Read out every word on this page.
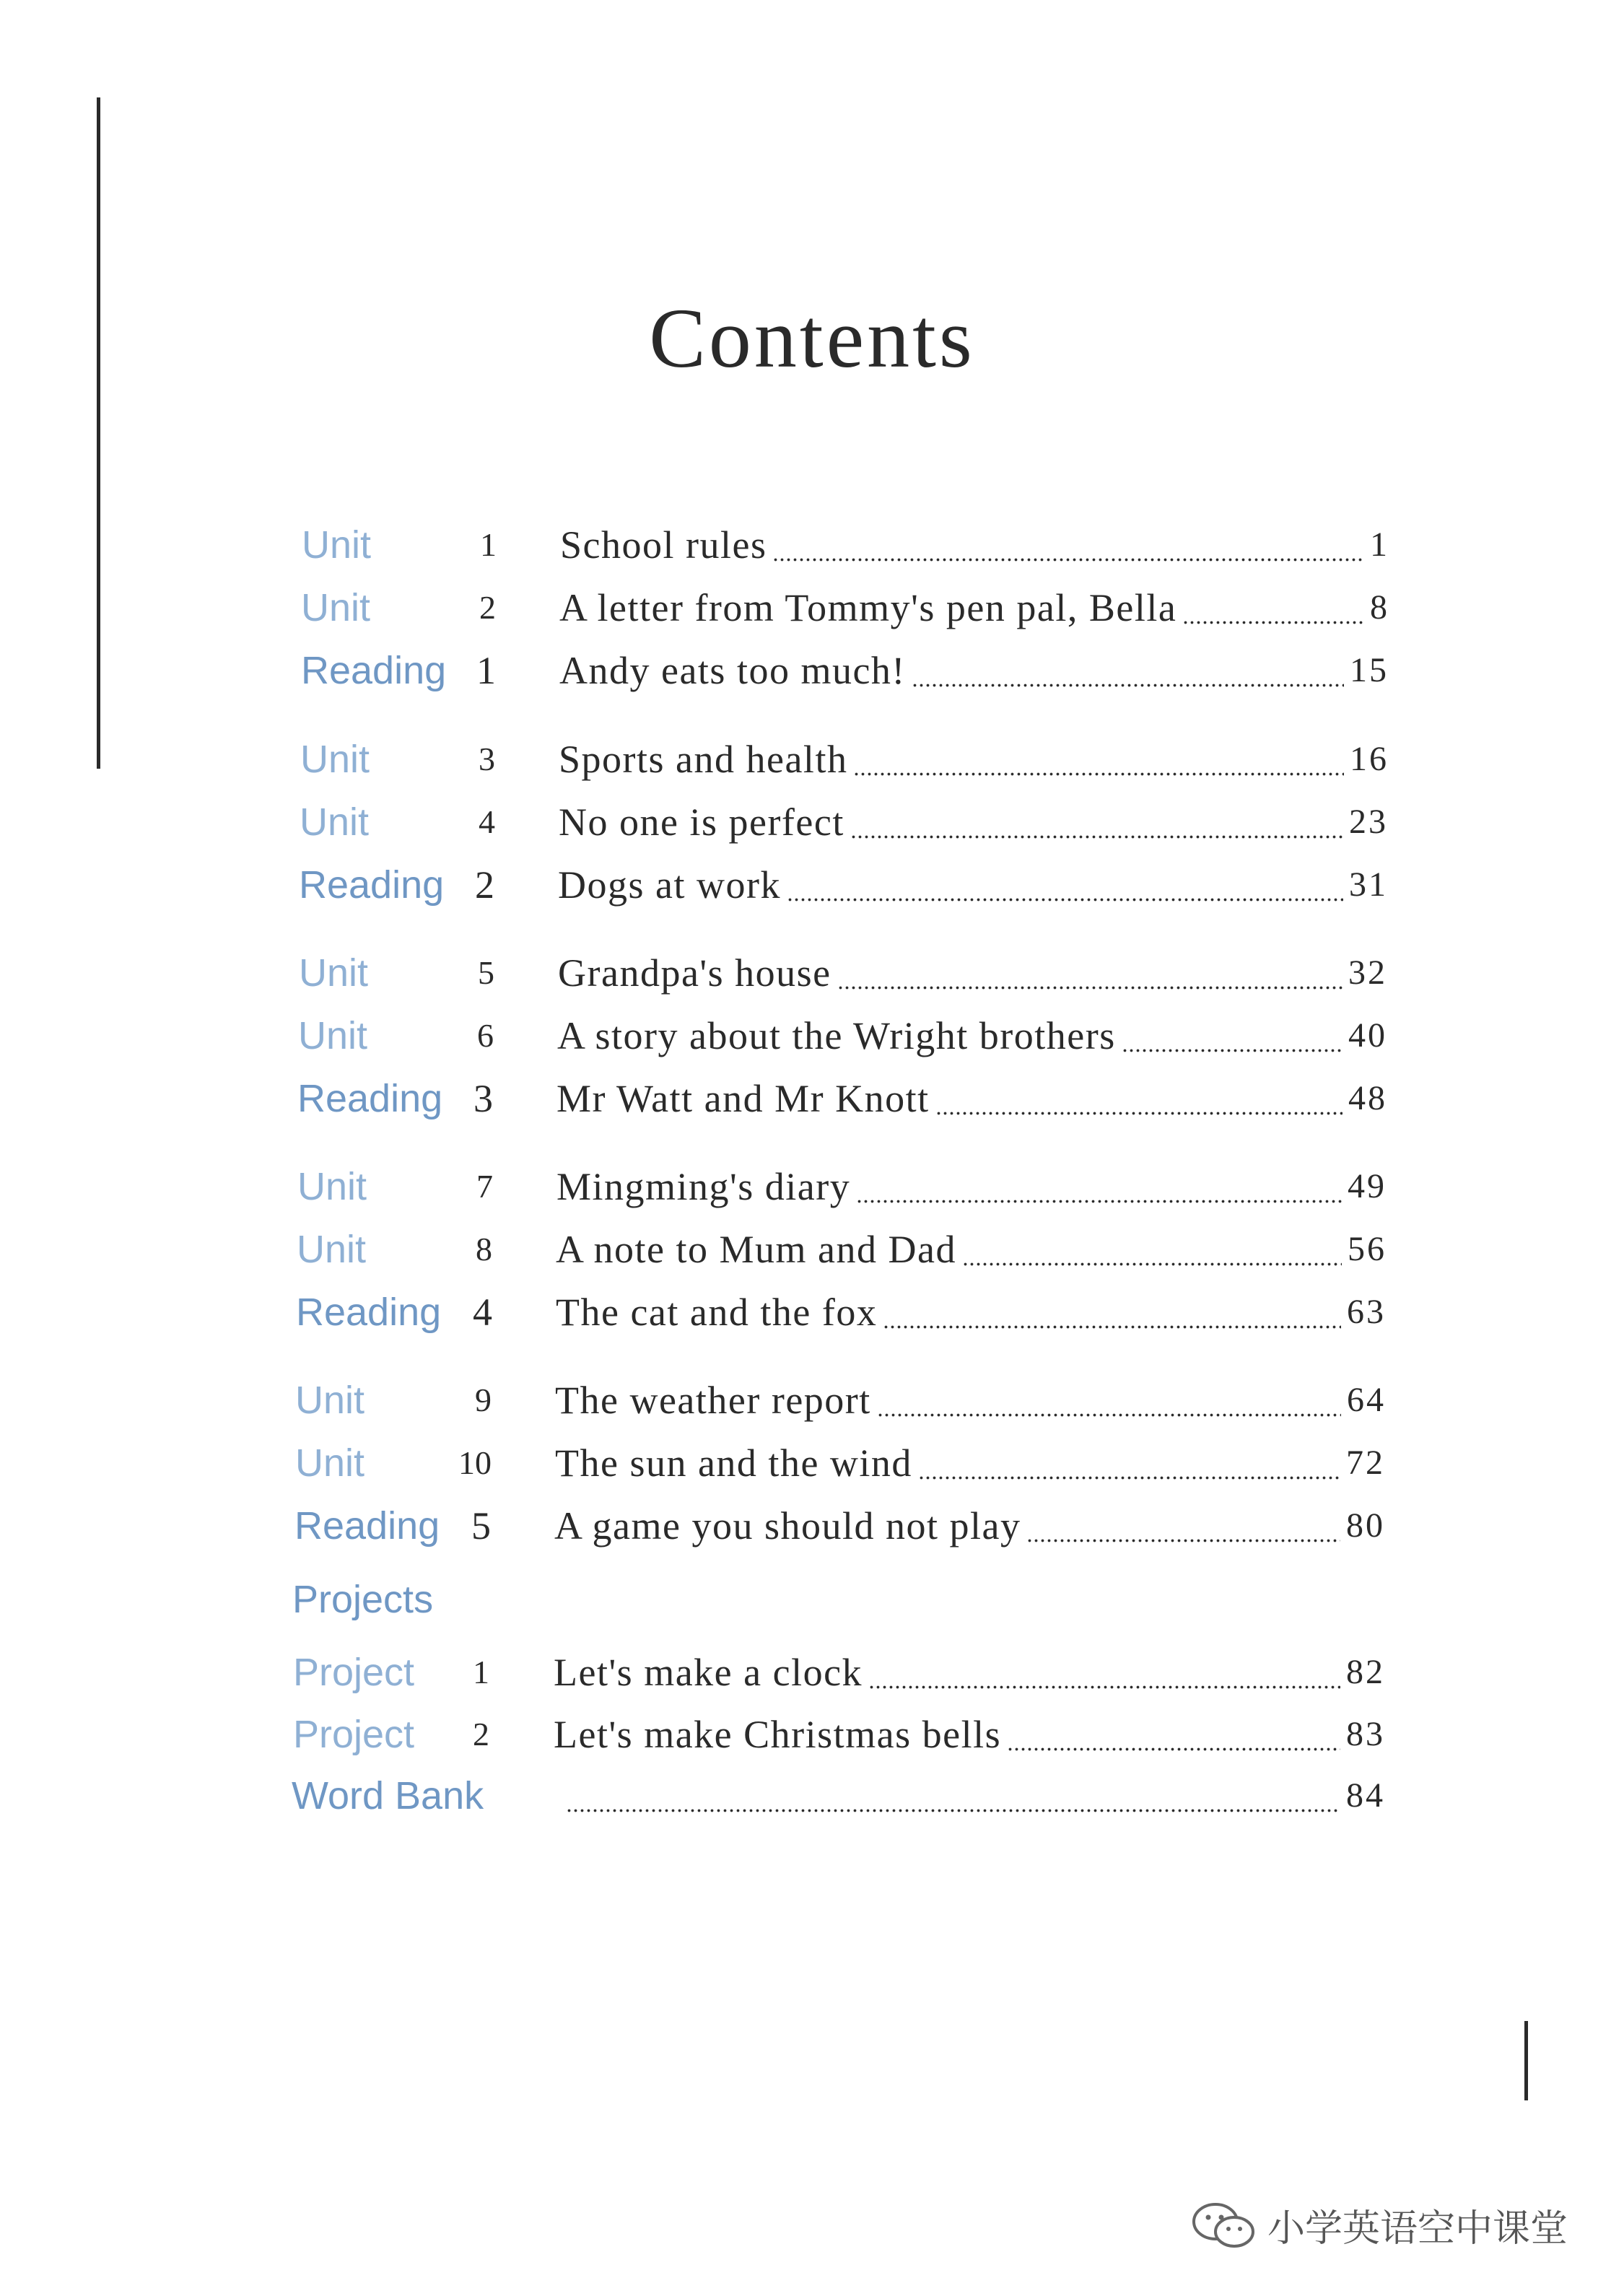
Contents
Unit	1 School rules	1
Unit	2 A letter from Tommy's pen pal, Bella	8
Reading 1 Andy eats too much!	15
Unit	3 Sports and health	16
Unit	4 No one is perfect	23
Reading 2 Dogs at work	31
Unit	5 Grandpa's house	32
Unit	6 A story about the Wright brothers	40
Reading 3 Mr Watt and Mr Knott	48
Unit	7 Mingming's diary	49
Unit	8 A note to Mum and Dad	56
Reading 4 The cat and the fox	63
Unit	9 The weather report	64
Unit	10 The sun and the wind	72
Reading 5 A game you should not play	80
Project	1 Let's make a clock	82
Project	2 Let's make Christmas bells	83
Word Bank	84
Projects
小学英语空中课堂
